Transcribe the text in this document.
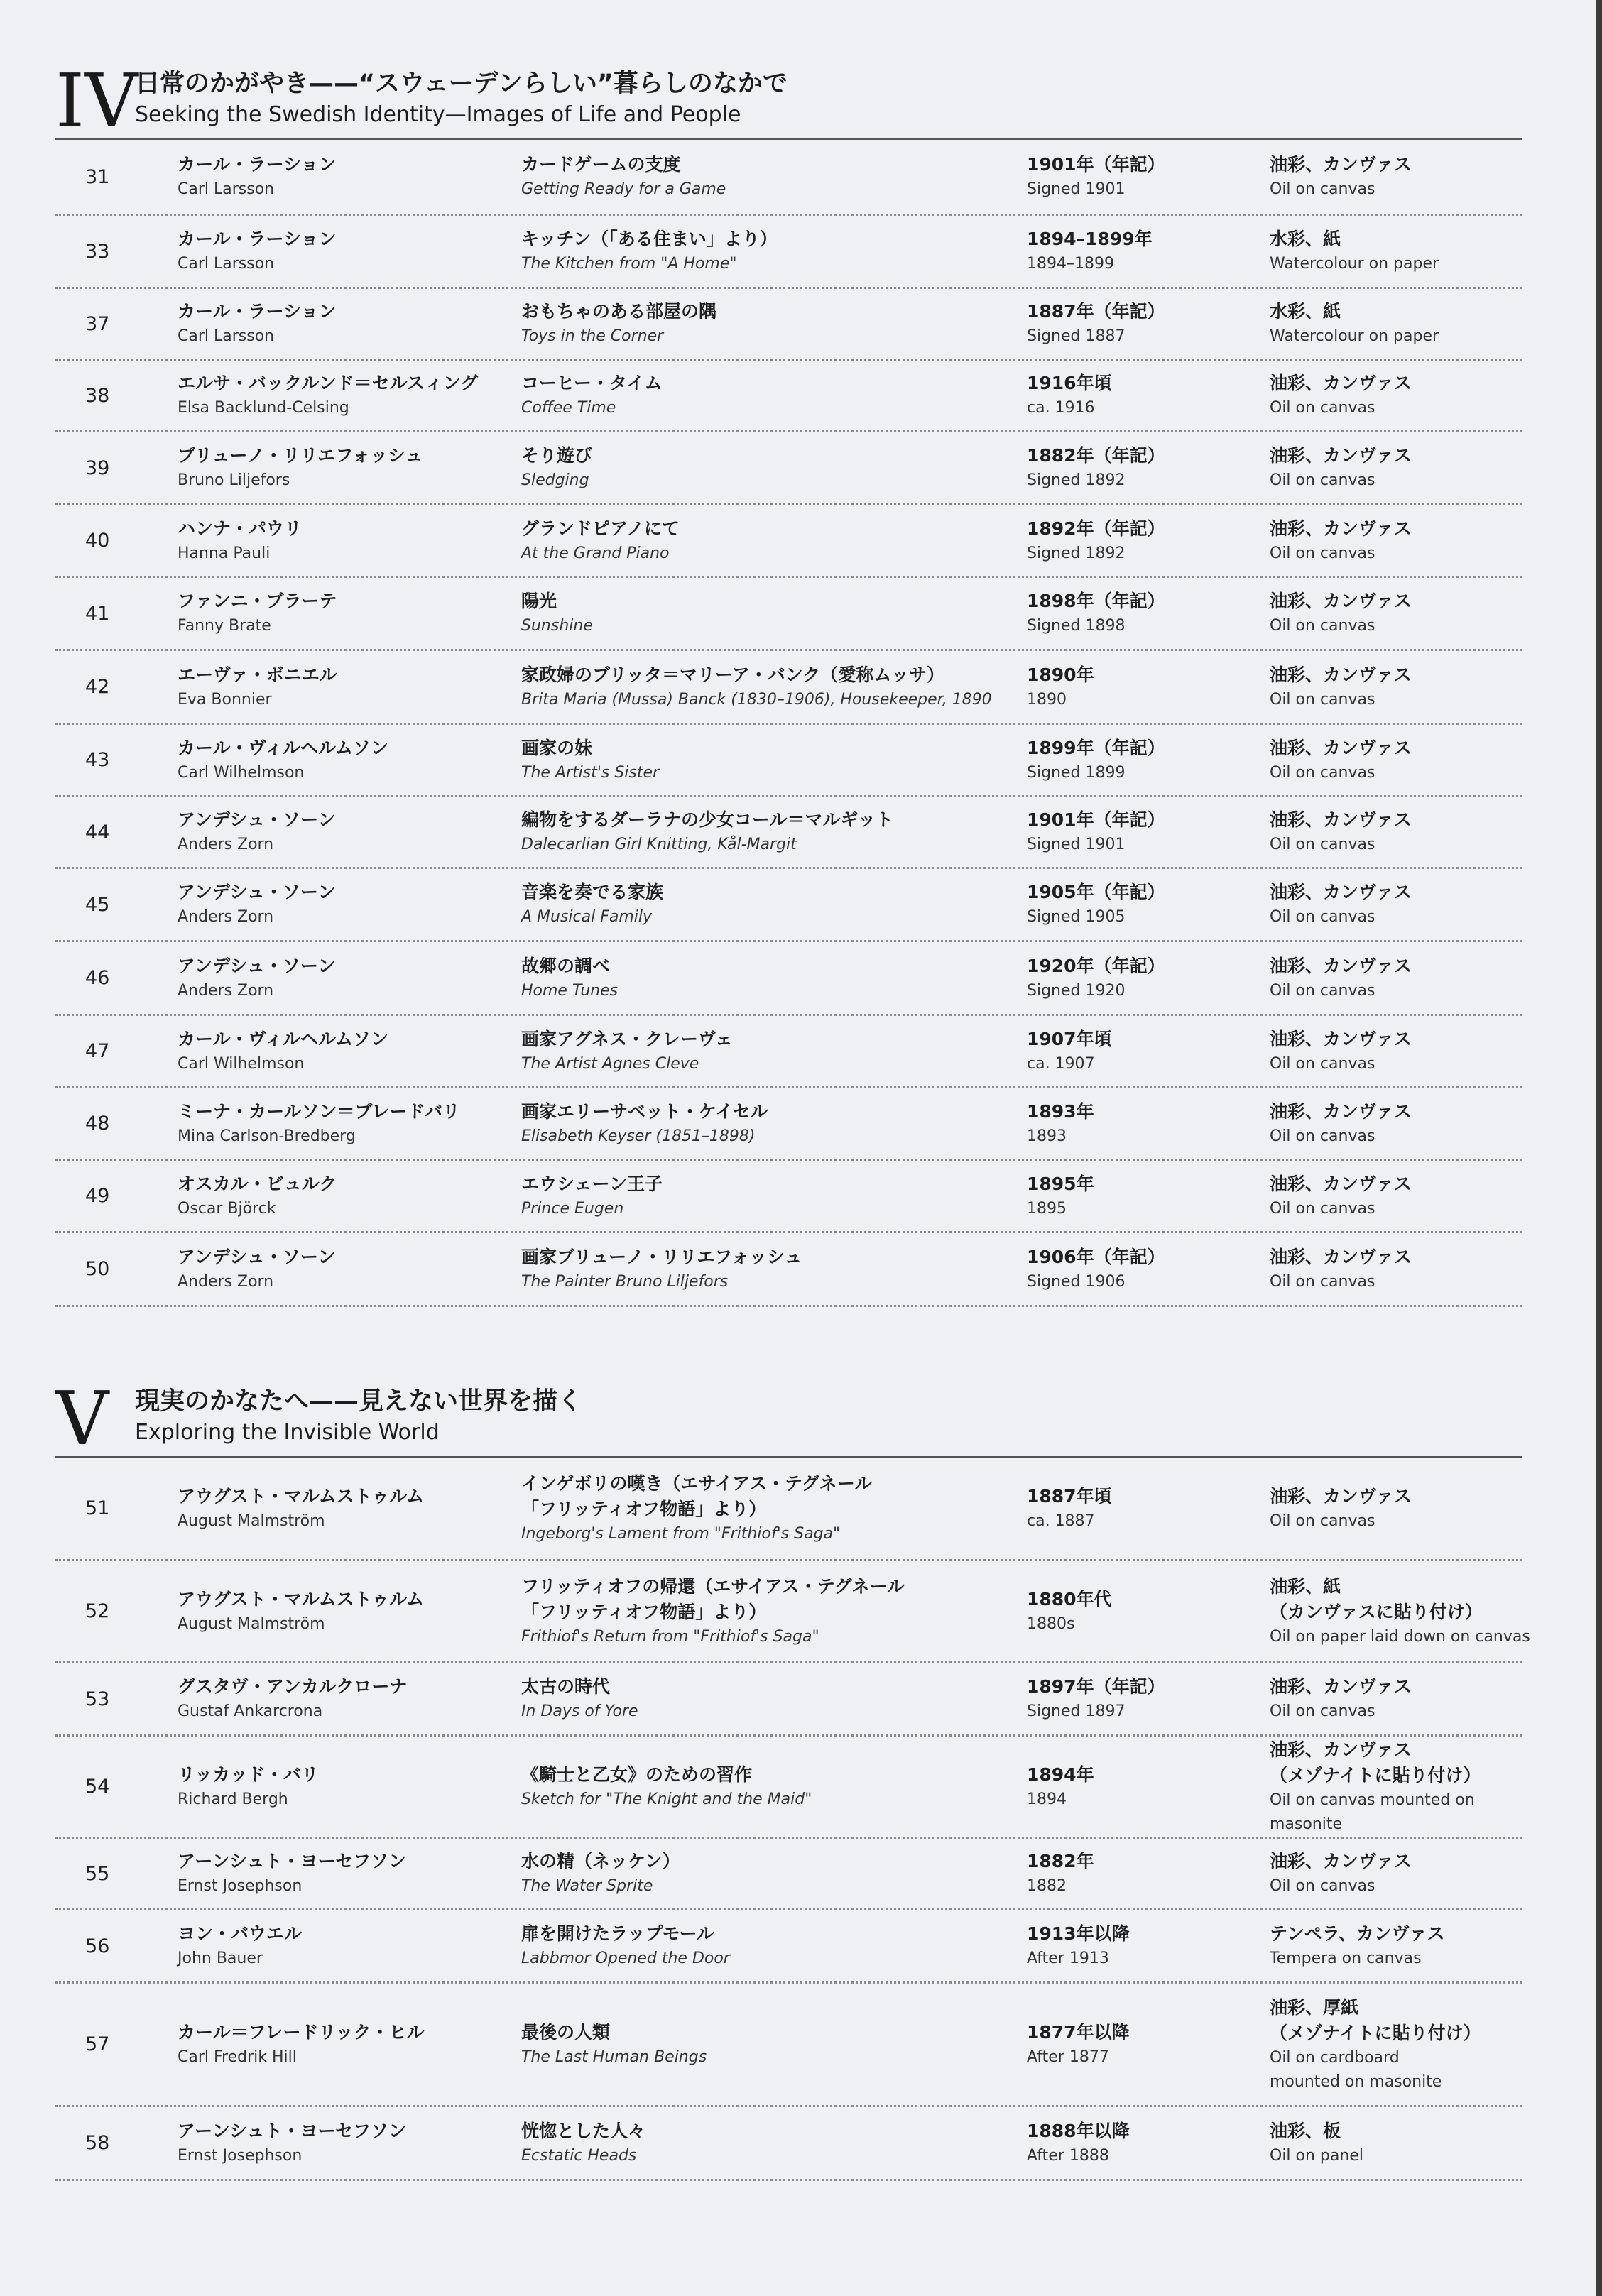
IV
日常のかがやき——“スウェーデンらしい”暮らしのなかで
Seeking the Swedish Identity—Images of Life and People
31
カール・ラーション
Carl Larsson
カードゲームの支度
Getting Ready for a Game
1901年（年記）
Signed 1901
油彩、カンヴァス
Oil on canvas
33
カール・ラーション
Carl Larsson
キッチン（「ある住まい」より）
The Kitchen from "A Home"
1894–1899年
1894–1899
水彩、紙
Watercolour on paper
37
カール・ラーション
Carl Larsson
おもちゃのある部屋の隅
Toys in the Corner
1887年（年記）
Signed 1887
水彩、紙
Watercolour on paper
38
エルサ・バックルンド＝セルスィング
Elsa Backlund-Celsing
コーヒー・タイム
Coffee Time
1916年頃
ca. 1916
油彩、カンヴァス
Oil on canvas
39
ブリューノ・リリエフォッシュ
Bruno Liljefors
そり遊び
Sledging
1882年（年記）
Signed 1892
油彩、カンヴァス
Oil on canvas
40
ハンナ・パウリ
Hanna Pauli
グランドピアノにて
At the Grand Piano
1892年（年記）
Signed 1892
油彩、カンヴァス
Oil on canvas
41
ファンニ・ブラーテ
Fanny Brate
陽光
Sunshine
1898年（年記）
Signed 1898
油彩、カンヴァス
Oil on canvas
42
エーヴァ・ボニエル
Eva Bonnier
家政婦のブリッタ＝マリーア・バンク（愛称ムッサ）
Brita Maria (Mussa) Banck (1830–1906), Housekeeper, 1890
1890年
1890
油彩、カンヴァス
Oil on canvas
43
カール・ヴィルヘルムソン
Carl Wilhelmson
画家の妹
The Artist's Sister
1899年（年記）
Signed 1899
油彩、カンヴァス
Oil on canvas
44
アンデシュ・ソーン
Anders Zorn
編物をするダーラナの少女コール＝マルギット
Dalecarlian Girl Knitting, Kål-Margit
1901年（年記）
Signed 1901
油彩、カンヴァス
Oil on canvas
45
アンデシュ・ソーン
Anders Zorn
音楽を奏でる家族
A Musical Family
1905年（年記）
Signed 1905
油彩、カンヴァス
Oil on canvas
46
アンデシュ・ソーン
Anders Zorn
故郷の調べ
Home Tunes
1920年（年記）
Signed 1920
油彩、カンヴァス
Oil on canvas
47
カール・ヴィルヘルムソン
Carl Wilhelmson
画家アグネス・クレーヴェ
The Artist Agnes Cleve
1907年頃
ca. 1907
油彩、カンヴァス
Oil on canvas
48
ミーナ・カールソン＝ブレードバリ
Mina Carlson-Bredberg
画家エリーサベット・ケイセル
Elisabeth Keyser (1851–1898)
1893年
1893
油彩、カンヴァス
Oil on canvas
49
オスカル・ビュルク
Oscar Björck
エウシェーン王子
Prince Eugen
1895年
1895
油彩、カンヴァス
Oil on canvas
50
アンデシュ・ソーン
Anders Zorn
画家ブリューノ・リリエフォッシュ
The Painter Bruno Liljefors
1906年（年記）
Signed 1906
油彩、カンヴァス
Oil on canvas
V	現実のかなたへ——見えない世界を描く
Exploring the Invisible World
51
アウグスト・マルムストゥルム
August Malmström
インゲボリの嘆き（エサイアス・テグネール
「フリッティオフ物語」より）
Ingeborg's Lament from "Frithiof's Saga"
1887年頃
ca. 1887
油彩、カンヴァス
Oil on canvas
52
アウグスト・マルムストゥルム
August Malmström
フリッティオフの帰還（エサイアス・テグネール
「フリッティオフ物語」より）
Frithiof's Return from "Frithiof's Saga"
1880年代
1880s
油彩、紙
（カンヴァスに貼り付け）
Oil on paper laid down on canvas
53
グスタヴ・アンカルクローナ
Gustaf Ankarcrona
太古の時代
In Days of Yore
1897年（年記）
Signed 1897
油彩、カンヴァス
Oil on canvas
54
リッカッド・バリ
Richard Bergh
《騎士と乙女》のための習作
Sketch for "The Knight and the Maid"
1894年
1894
油彩、カンヴァス
（メゾナイトに貼り付け）
Oil on canvas mounted on masonite
55
アーンシュト・ヨーセフソン
Ernst Josephson
水の精（ネッケン）
The Water Sprite
1882年
1882
油彩、カンヴァス
Oil on canvas
56
ヨン・バウエル
John Bauer
扉を開けたラップモール
Labbmor Opened the Door
1913年以降
After 1913
テンペラ、カンヴァス
Tempera on canvas
57
カール＝フレードリック・ヒル
Carl Fredrik Hill
最後の人類
The Last Human Beings
1877年以降
After 1877
油彩、厚紙
（メゾナイトに貼り付け）
Oil on cardboard
mounted on masonite
58
アーンシュト・ヨーセフソン
Ernst Josephson
恍惚とした人々
Ecstatic Heads
1888年以降
After 1888
油彩、板
Oil on panel
